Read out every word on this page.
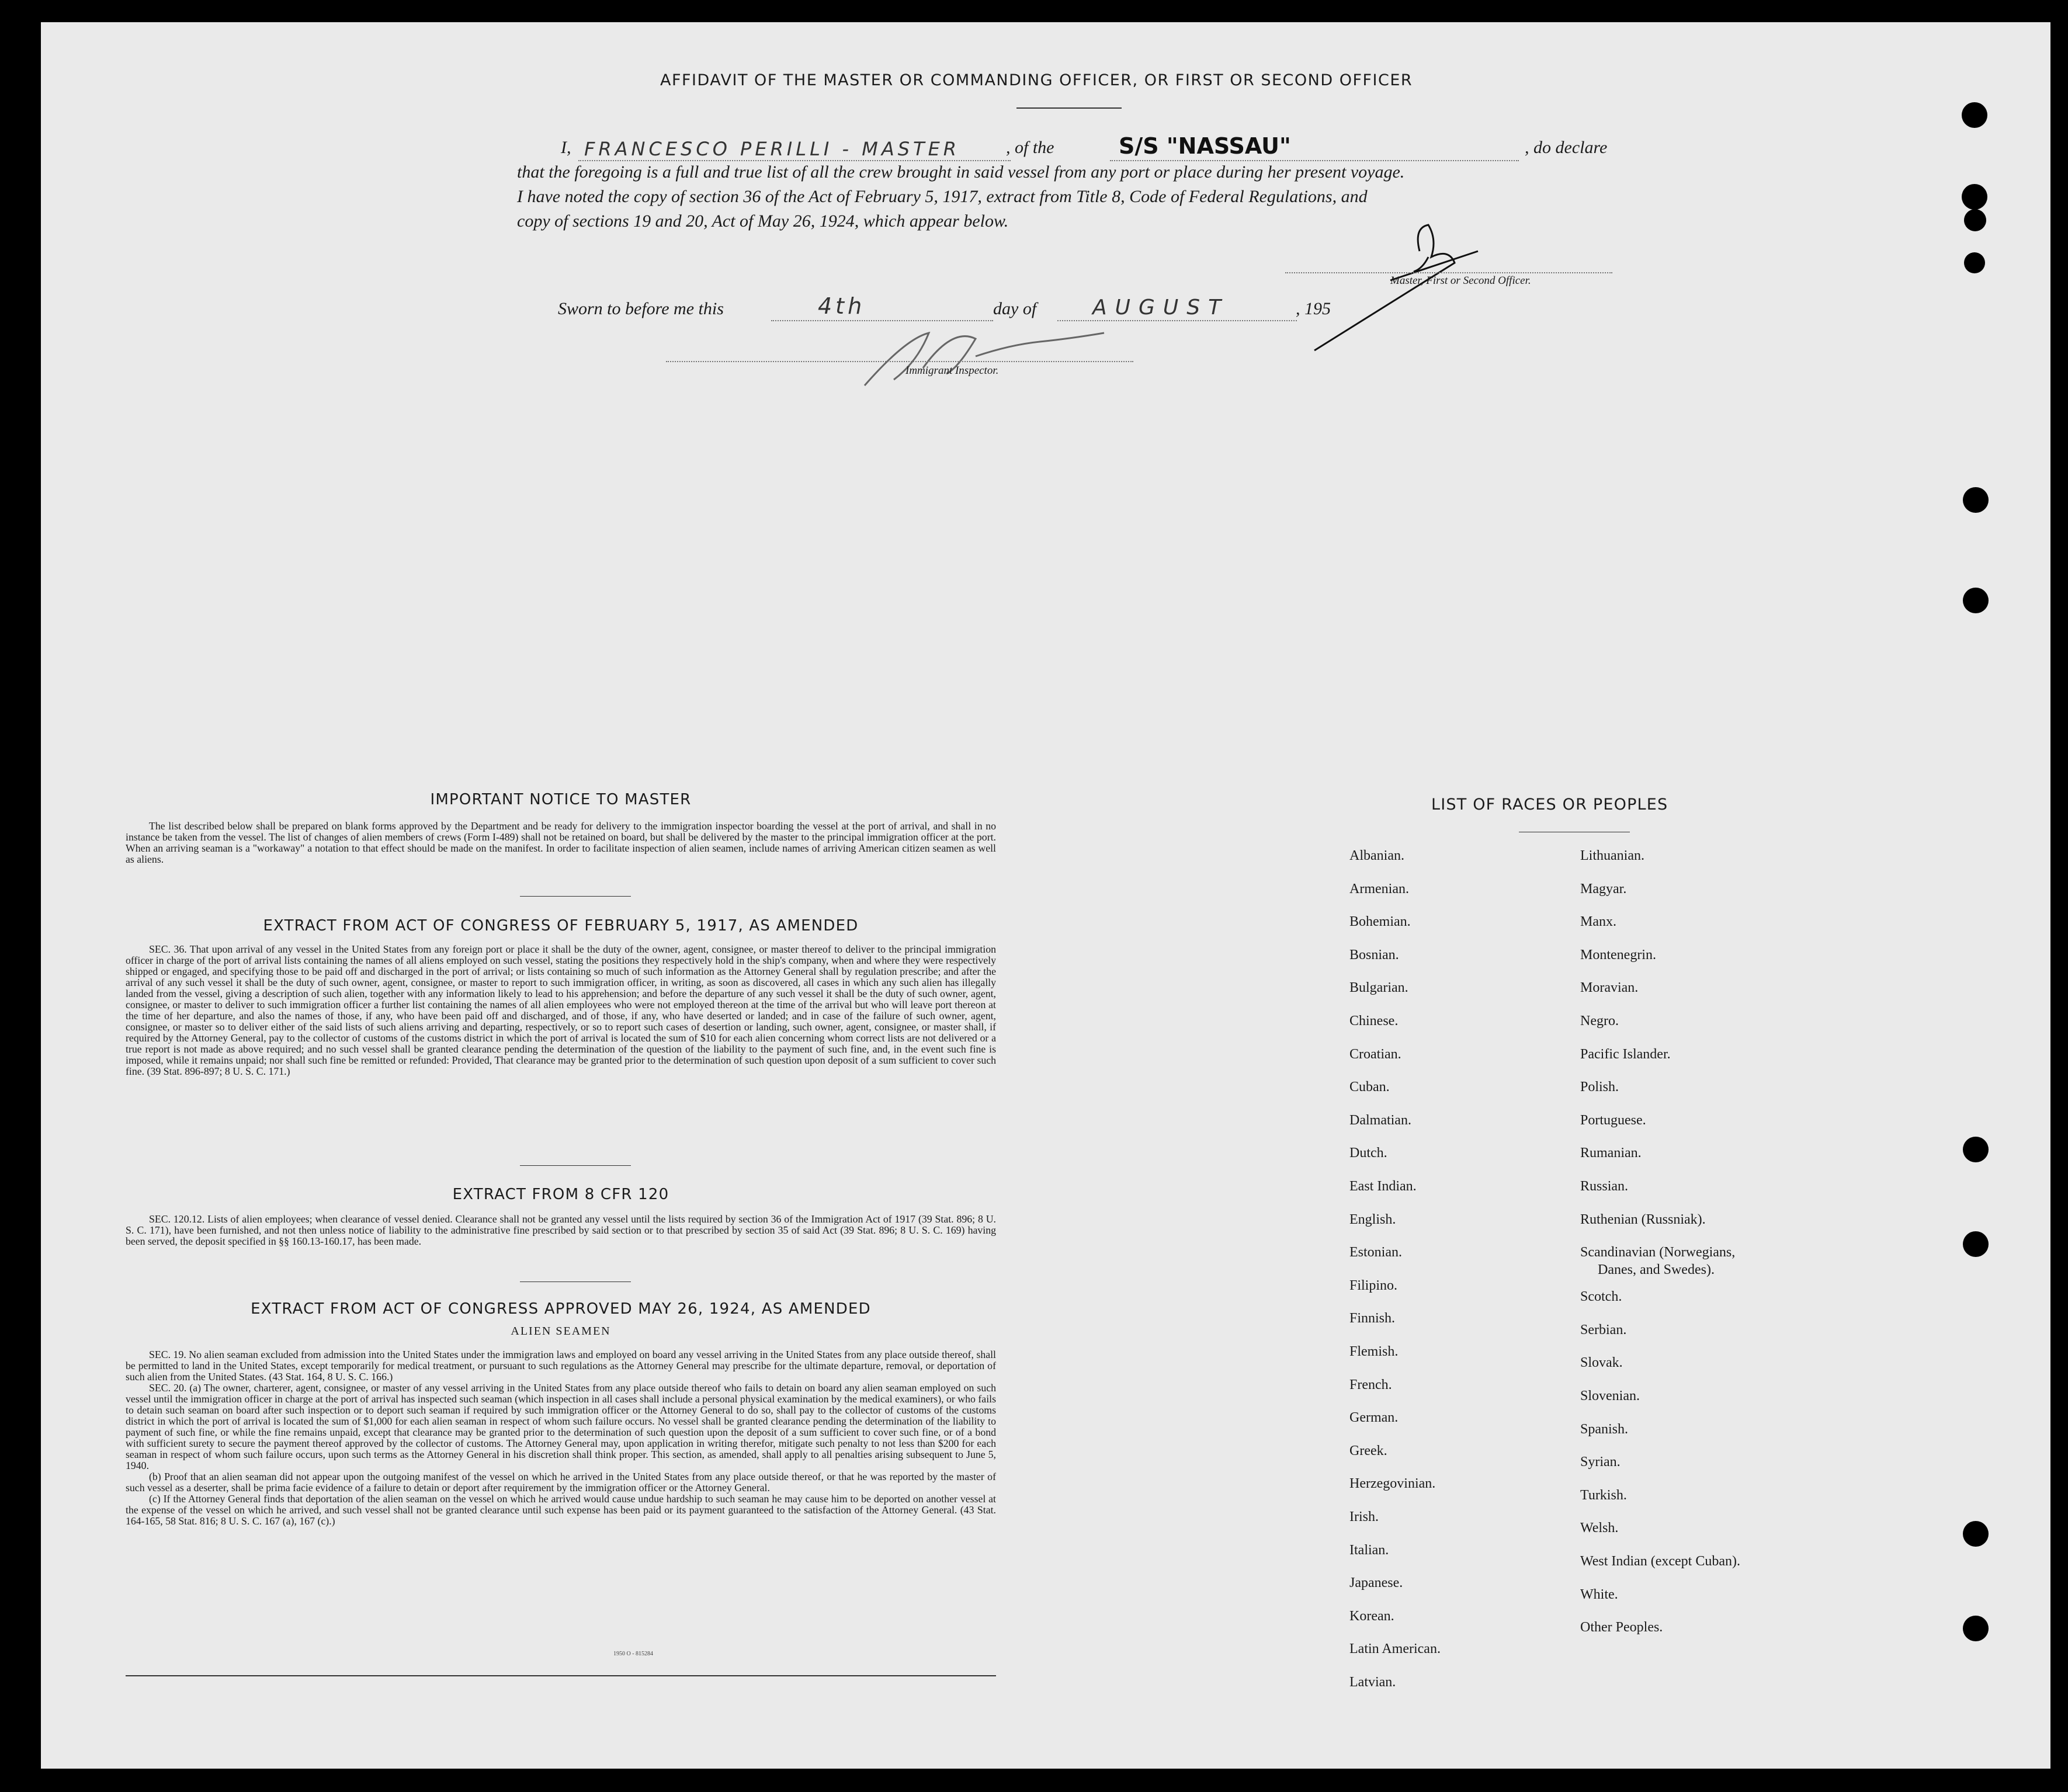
AFFIDAVIT OF THE MASTER OR COMMANDING OFFICER, OR FIRST OR SECOND OFFICER
I, FRANCESCO PERILLI - MASTER	, of the	S/S "NASSAU"	, do declare
that the foregoing is a full and true list of all the crew brought in said vessel from any port or place during her present voyage.
I have noted the copy of section 36 of the Act of February 5, 1917, extract from Title 8, Code of Federal Regulations, and
copy of sections 19 and 20, Act of May 26, 1924, which appear below.
Master, First or Second Officer.
Sworn to before me this	4th	day of	AUGUST	, 195
Immigrant Inspector.
IMPORTANT NOTICE TO MASTER

The list described below shall be prepared on blank forms approved by the Department and be ready for delivery to the immigration inspector boarding the vessel at the port of arrival, and shall in no instance be taken from the vessel. The list of changes of alien members of crews (Form I-489) shall not be retained on board, but shall be delivered by the master to the principal immigration officer at the port. When an arriving seaman is a "workaway" a notation to that effect should be made on the manifest. In order to facilitate inspection of alien seamen, include names of arriving American citizen seamen as well as aliens.

EXTRACT FROM ACT OF CONGRESS OF FEBRUARY 5, 1917, AS AMENDED

SEC. 36. That upon arrival of any vessel in the United States from any foreign port or place it shall be the duty of the owner, agent, consignee, or master thereof to deliver to the principal immigration officer in charge of the port of arrival lists containing the names of all aliens employed on such vessel, stating the positions they respectively hold in the ship's company, when and where they were respectively shipped or engaged, and specifying those to be paid off and discharged in the port of arrival; or lists containing so much of such information as the Attorney General shall by regulation prescribe; and after the arrival of any such vessel it shall be the duty of such owner, agent, consignee, or master to report to such immigration officer, in writing, as soon as discovered, all cases in which any such alien has illegally landed from the vessel, giving a description of such alien, together with any information likely to lead to his apprehension; and before the departure of any such vessel it shall be the duty of such owner, agent, consignee, or master to deliver to such immigration officer a further list containing the names of all alien employees who were not employed thereon at the time of the arrival but who will leave port thereon at the time of her departure, and also the names of those, if any, who have been paid off and discharged, and of those, if any, who have deserted or landed; and in case of the failure of such owner, agent, consignee, or master so to deliver either of the said lists of such aliens arriving and departing, respectively, or so to report such cases of desertion or landing, such owner, agent, consignee, or master shall, if required by the Attorney General, pay to the collector of customs of the customs district in which the port of arrival is located the sum of $10 for each alien concerning whom correct lists are not delivered or a true report is not made as above required; and no such vessel shall be granted clearance pending the determination of the question of the liability to the payment of such fine, and, in the event such fine is imposed, while it remains unpaid; nor shall such fine be remitted or refunded: Provided, That clearance may be granted prior to the determination of such question upon deposit of a sum sufficient to cover such fine. (39 Stat. 896-897; 8 U. S. C. 171.)

EXTRACT FROM 8 CFR 120

SEC. 120.12. Lists of alien employees; when clearance of vessel denied. Clearance shall not be granted any vessel until the lists required by section 36 of the Immigration Act of 1917 (39 Stat. 896; 8 U. S. C. 171), have been furnished, and not then unless notice of liability to the administrative fine prescribed by said section or to that prescribed by section 35 of said Act (39 Stat. 896; 8 U. S. C. 169) having been served, the deposit specified in §§ 160.13-160.17, has been made.

EXTRACT FROM ACT OF CONGRESS APPROVED MAY 26, 1924, AS AMENDED
ALIEN SEAMEN

SEC. 19. No alien seaman excluded from admission into the United States under the immigration laws and employed on board any vessel arriving in the United States from any place outside thereof, shall be permitted to land in the United States, except temporarily for medical treatment, or pursuant to such regulations as the Attorney General may prescribe for the ultimate departure, removal, or deportation of such alien from the United States. (43 Stat. 164, 8 U. S. C. 166.)

SEC. 20. (a) The owner, charterer, agent, consignee, or master of any vessel arriving in the United States from any place outside thereof who fails to detain on board any alien seaman employed on such vessel until the immigration officer in charge at the port of arrival has inspected such seaman (which inspection in all cases shall include a personal physical examination by the medical examiners), or who fails to detain such seaman on board after such inspection or to deport such seaman if required by such immigration officer or the Attorney General to do so, shall pay to the collector of customs of the customs district in which the port of arrival is located the sum of $1,000 for each alien seaman in respect of whom such failure occurs. No vessel shall be granted clearance pending the determination of the liability to payment of such fine, or while the fine remains unpaid, except that clearance may be granted prior to the determination of such question upon the deposit of a sum sufficient to cover such fine, or of a bond with sufficient surety to secure the payment thereof approved by the collector of customs. The Attorney General may, upon application in writing therefor, mitigate such penalty to not less than $200 for each seaman in respect of whom such failure occurs, upon such terms as the Attorney General in his discretion shall think proper. This section, as amended, shall apply to all penalties arising subsequent to June 5, 1940.

(b) Proof that an alien seaman did not appear upon the outgoing manifest of the vessel on which he arrived in the United States from any place outside thereof, or that he was reported by the master of such vessel as a deserter, shall be prima facie evidence of a failure to detain or deport after requirement by the immigration officer or the Attorney General.

(c) If the Attorney General finds that deportation of the alien seaman on the vessel on which he arrived would cause undue hardship to such seaman he may cause him to be deported on another vessel at the expense of the vessel on which he arrived, and such vessel shall not be granted clearance until such expense has been paid or its payment guaranteed to the satisfaction of the Attorney General. (43 Stat. 164-165, 58 Stat. 816; 8 U. S. C. 167 (a), 167 (c).)

1950 O - 815284
LIST OF RACES OR PEOPLES
Albanian.
Armenian.
Bohemian.
Bosnian.
Bulgarian.
Chinese.
Croatian.
Cuban.
Dalmatian.
Dutch.
East Indian.
English.
Estonian.
Filipino.
Finnish.
Flemish.
French.
German.
Greek.
Herzegovinian.
Irish.
Italian.
Japanese.
Korean.
Latin American.
Latvian.
Lithuanian.
Magyar.
Manx.
Montenegrin.
Moravian.
Negro.
Pacific Islander.
Polish.
Portuguese.
Rumanian.
Russian.
Ruthenian (Russniak).
Scandinavian (Norwegians,
Danes, and Swedes).
Scotch.
Serbian.
Slovak.
Slovenian.
Spanish.
Syrian.
Turkish.
Welsh.
West Indian (except Cuban).
White.
Other Peoples.
